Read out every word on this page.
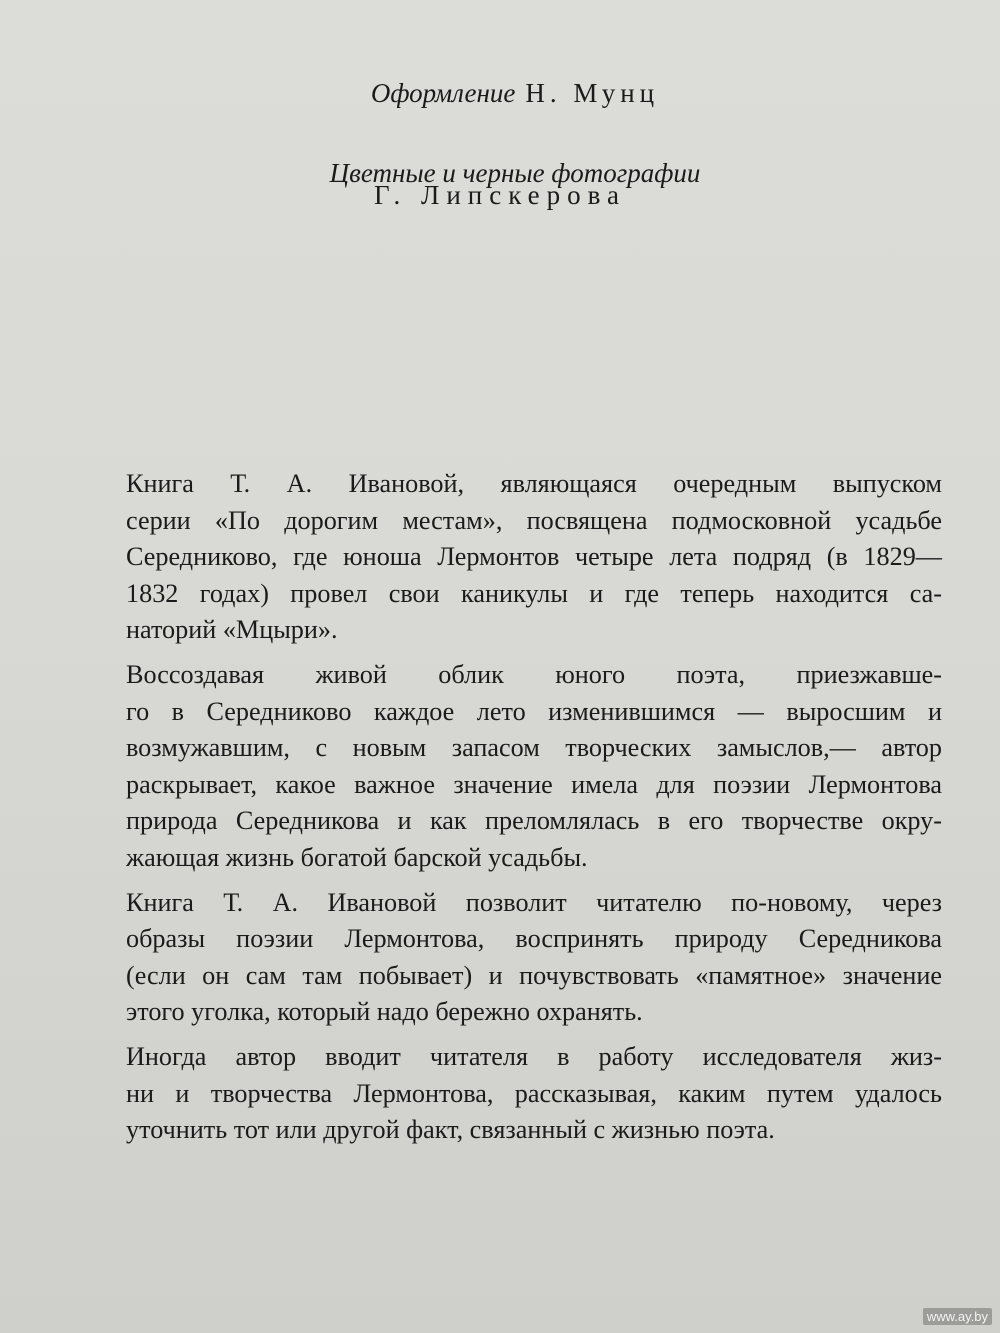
Оформление Н. Мунц
Цветные и черные фотографии
Г. Липскерова
Книга Т. А. Ивановой, являющаяся очередным выпуском
серии «По дорогим местам», посвящена подмосковной усадьбе
Середниково, где юноша Лермонтов четыре лета подряд (в 1829—
1832 годах) провел свои каникулы и где теперь находится са-
наторий «Мцыри».
Воссоздавая живой облик юного поэта, приезжавше-
го в Середниково каждое лето изменившимся — выросшим и
возмужавшим, с новым запасом творческих замыслов,— автор
раскрывает, какое важное значение имела для поэзии Лермонтова
природа Середникова и как преломлялась в его творчестве окру-
жающая жизнь богатой барской усадьбы.
Книга Т. А. Ивановой позволит читателю по-новому, через
образы поэзии Лермонтова, воспринять природу Середникова
(если он сам там побывает) и почувствовать «памятное» значение
этого уголка, который надо бережно охранять.
Иногда автор вводит читателя в работу исследователя жиз-
ни и творчества Лермонтова, рассказывая, каким путем удалось
уточнить тот или другой факт, связанный с жизнью поэта.
www.ay.by
